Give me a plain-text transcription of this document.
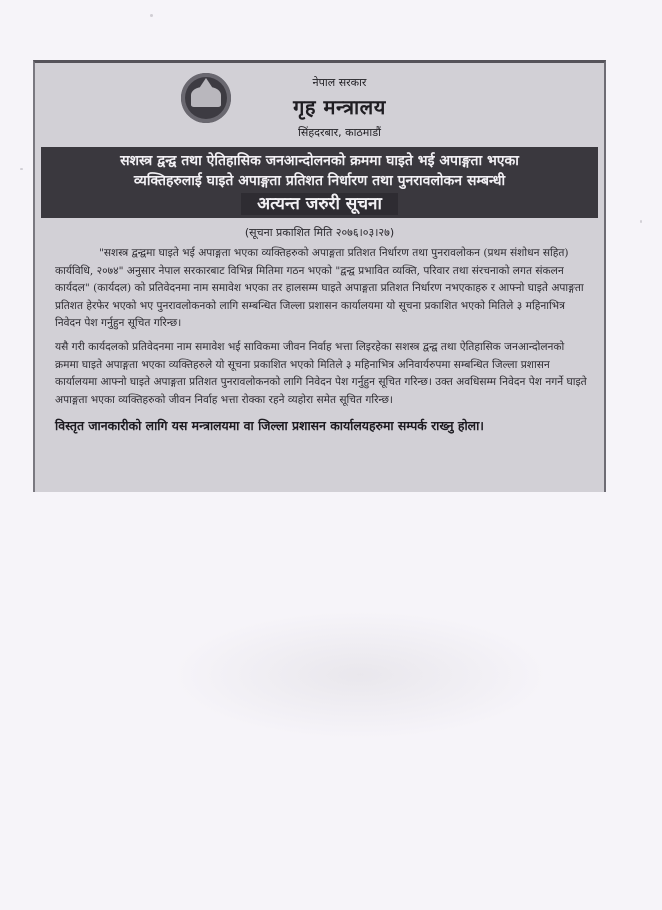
नेपाल सरकार
गृह मन्त्रालय
सिंहदरबार, काठमाडौं
सशस्त्र द्वन्द्व तथा ऐतिहासिक जनआन्दोलनको क्रममा घाइते भई अपाङ्गता भएका
व्यक्तिहरुलाई घाइते अपाङ्गता प्रतिशत निर्धारण तथा पुनरावलोकन सम्बन्धी
अत्यन्त जरुरी सूचना
(सूचना प्रकाशित मिति २०७६।०३।२७)

"सशस्त्र द्वन्द्वमा घाइते भई अपाङ्गता भएका व्यक्तिहरुको अपाङ्गता प्रतिशत निर्धारण तथा पुनरावलोकन (प्रथम संशोधन सहित) कार्यविधि, २०७४" अनुसार नेपाल सरकारबाट विभिन्न मितिमा गठन भएको "द्वन्द्व प्रभावित व्यक्ति, परिवार तथा संरचनाको लगत संकलन कार्यदल" (कार्यदल) को प्रतिवेदनमा नाम समावेश भएका तर हालसम्म घाइते अपाङ्गता प्रतिशत निर्धारण नभएकाहरु र आफ्नो घाइते अपाङ्गता प्रतिशत हेरफेर भएको भए पुनरावलोकनको लागि सम्बन्धित जिल्ला प्रशासन कार्यालयमा यो सूचना प्रकाशित भएको मितिले ३ महिनाभित्र निवेदन पेश गर्नुहुन सूचित गरिन्छ।

यसै गरी कार्यदलको प्रतिवेदनमा नाम समावेश भई साविकमा जीवन निर्वाह भत्ता लिइरहेका सशस्त्र द्वन्द्व तथा ऐतिहासिक जनआन्दोलनको क्रममा घाइते अपाङ्गता भएका व्यक्तिहरुले यो सूचना प्रकाशित भएको मितिले ३ महिनाभित्र अनिवार्यरुपमा सम्बन्धित जिल्ला प्रशासन कार्यालयमा आफ्नो घाइते अपाङ्गता प्रतिशत पुनरावलोकनको लागि निवेदन पेश गर्नुहुन सूचित गरिन्छ। उक्त अवधिसम्म निवेदन पेश नगर्ने घाइते अपाङ्गता भएका व्यक्तिहरुको जीवन निर्वाह भत्ता रोक्का रहने व्यहोरा समेत सूचित गरिन्छ।

विस्तृत जानकारीको लागि यस मन्त्रालयमा वा जिल्ला प्रशासन कार्यालयहरुमा सम्पर्क राख्नु होला।
